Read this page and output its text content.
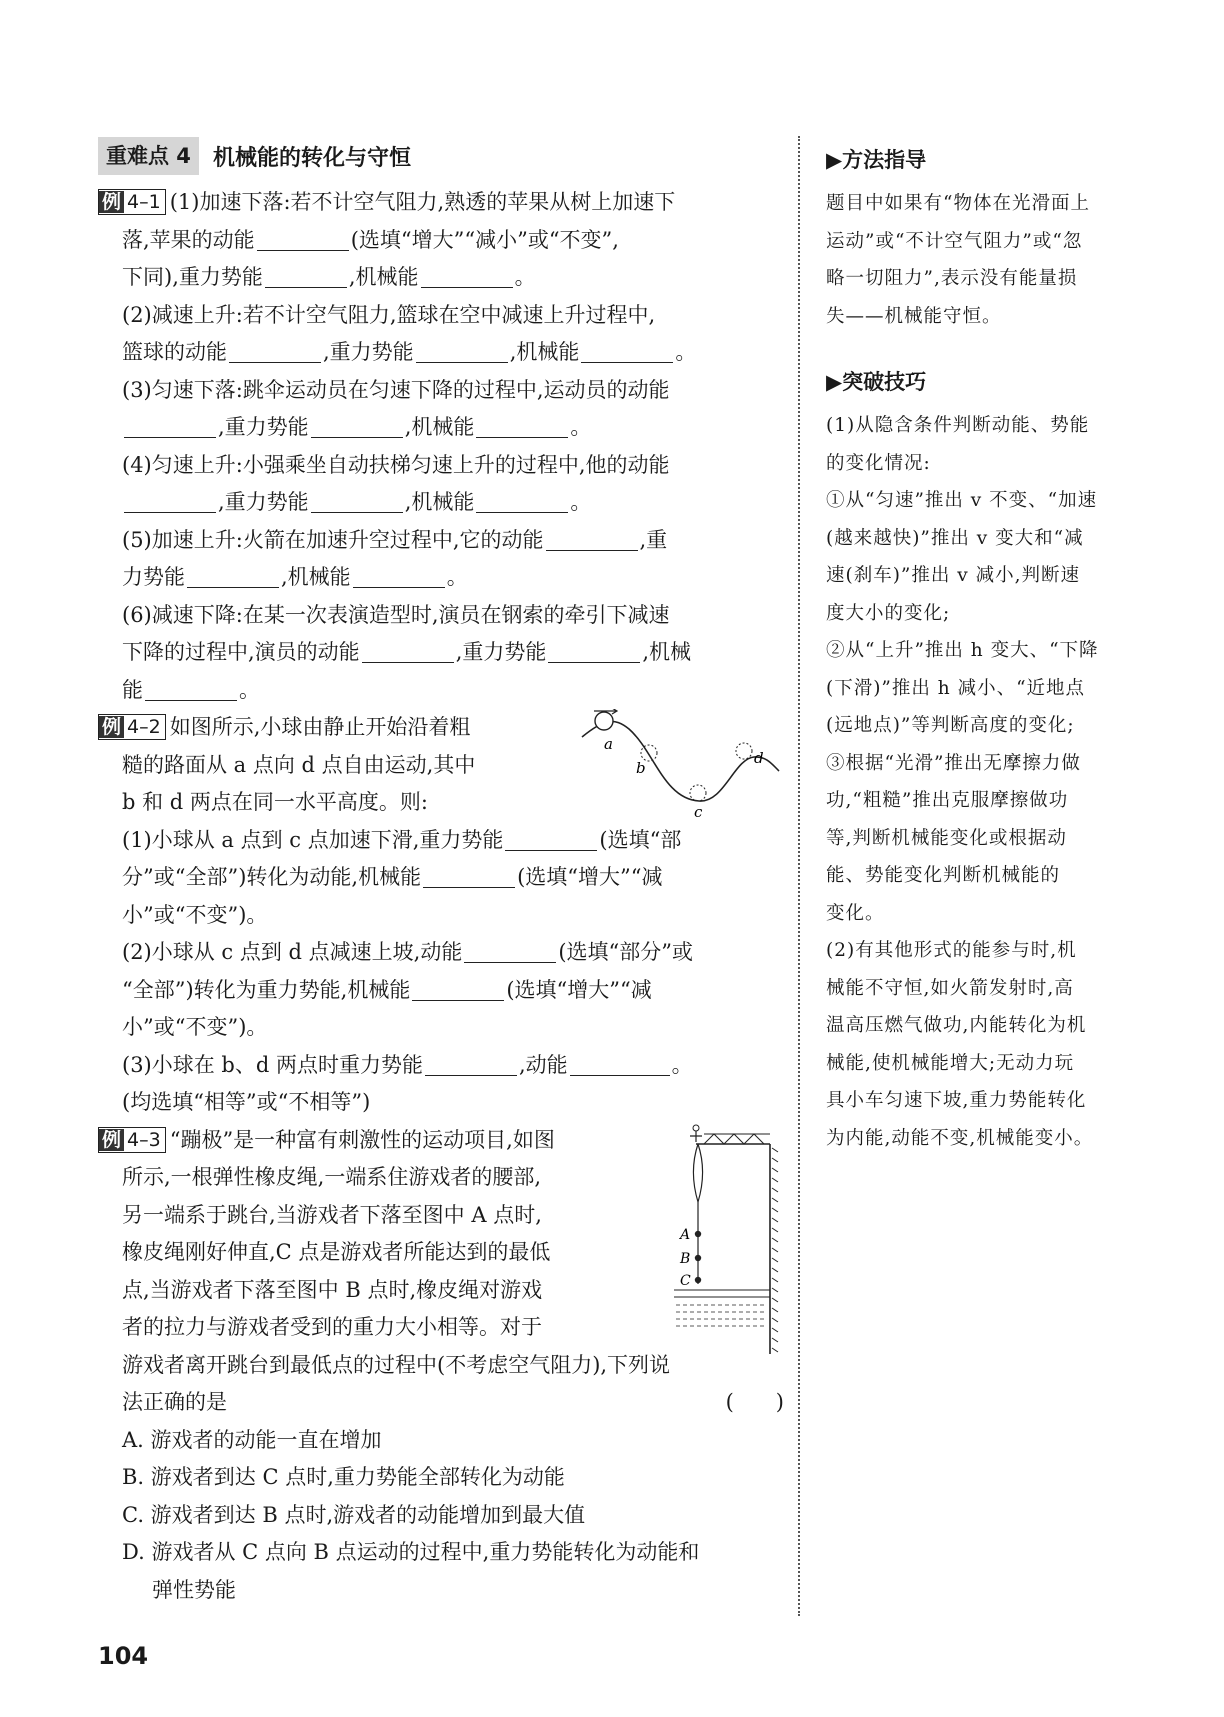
重难点 4	机械能的转化与守恒

例 4–1 (1)加速下落:若不计空气阻力,熟透的苹果从树上加速下

落,苹果的动能	(选填“增大”“减小”或“不变”,

下同),重力势能	,机械能	。

(2)减速上升:若不计空气阻力,篮球在空中减速上升过程中,

篮球的动能	,重力势能	,机械能	。

(3)匀速下落:跳伞运动员在匀速下降的过程中,运动员的动能

,重力势能	,机械能	。

(4)匀速上升:小强乘坐自动扶梯匀速上升的过程中,他的动能

,重力势能	,机械能	。

(5)加速上升:火箭在加速升空过程中,它的动能	,重

力势能	,机械能	。

(6)减速下降:在某一次表演造型时,演员在钢索的牵引下减速

下降的过程中,演员的动能	,重力势能	,机械

能	。

a
b
c
d

例 4–2 如图所示,小球由静止开始沿着粗

糙的路面从 a 点向 d 点自由运动,其中

b 和 d 两点在同一水平高度。则:

(1)小球从 a 点到 c 点加速下滑,重力势能	(选填“部

分”或“全部”)转化为动能,机械能	(选填“增大”“减

小”或“不变”)。

(2)小球从 c 点到 d 点减速上坡,动能	(选填“部分”或

“全部”)转化为重力势能,机械能	(选填“增大”“减

小”或“不变”)。

(3)小球在 b、d 两点时重力势能	,动能	。

(均选填“相等”或“不相等”)

A
B
C

例 4–3 “蹦极”是一种富有刺激性的运动项目,如图

所示,一根弹性橡皮绳,一端系住游戏者的腰部,

另一端系于跳台,当游戏者下落至图中 A 点时,

橡皮绳刚好伸直,C 点是游戏者所能达到的最低

点,当游戏者下落至图中 B 点时,橡皮绳对游戏

者的拉力与游戏者受到的重力大小相等。对于

游戏者离开跳台到最低点的过程中(不考虑空气阻力),下列说

法正确的是	(　　)

A. 游戏者的动能一直在增加

B. 游戏者到达 C 点时,重力势能全部转化为动能

C. 游戏者到达 B 点时,游戏者的动能增加到最大值

D. 游戏者从 C 点向 B 点运动的过程中,重力势能转化为动能和

弹性势能

▶方法指导

题目中如果有“物体在光滑面上

运动”或“不计空气阻力”或“忽

略一切阻力”,表示没有能量损

失——机械能守恒。

▶突破技巧

(1)从隐含条件判断动能、势能

的变化情况:

①从“匀速”推出 v 不变、“加速

(越来越快)”推出 v 变大和“减

速(刹车)”推出 v 减小,判断速

度大小的变化;

②从“上升”推出 h 变大、“下降

(下滑)”推出 h 减小、“近地点

(远地点)”等判断高度的变化;

③根据“光滑”推出无摩擦力做

功,“粗糙”推出克服摩擦做功

等,判断机械能变化或根据动

能、势能变化判断机械能的

变化。

(2)有其他形式的能参与时,机

械能不守恒,如火箭发射时,高

温高压燃气做功,内能转化为机

械能,使机械能增大;无动力玩

具小车匀速下坡,重力势能转化

为内能,动能不变,机械能变小。

104
